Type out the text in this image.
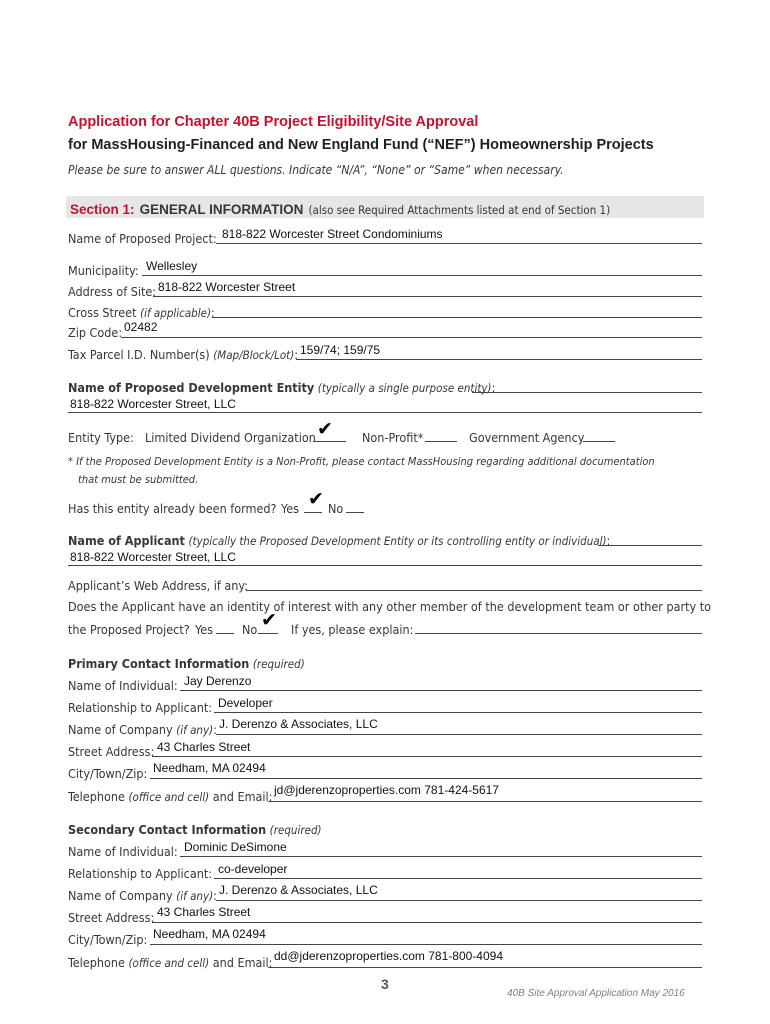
Application for Chapter 40B Project Eligibility/Site Approval
for MassHousing-Financed and New England Fund (“NEF”) Homeownership Projects
Please be sure to answer ALL questions. Indicate “N/A”, “None” or “Same” when necessary.
Section 1: GENERAL INFORMATION (also see Required Attachments listed at end of Section 1)
Name of Proposed Project: 818-822 Worcester Street Condominiums
Municipality: Wellesley
Address of Site: 818-822 Worcester Street
Cross Street (if applicable):
Zip Code: 02482
Tax Parcel I.D. Number(s) (Map/Block/Lot): 159/74; 159/75
Name of Proposed Development Entity (typically a single purpose entity):
818-822 Worcester Street, LLC
Entity Type: Limited Dividend Organization ✔ Non-Profit*	Government Agency
* If the Proposed Development Entity is a Non-Profit, please contact MassHousing regarding additional documentation
that must be submitted.
Has this entity already been formed? Yes ✔ No
Name of Applicant (typically the Proposed Development Entity or its controlling entity or individual):
818-822 Worcester Street, LLC
Applicant’s Web Address, if any:
Does the Applicant have an identity of interest with any other member of the development team or other party to
the Proposed Project? Yes No ✔ If yes, please explain:
Primary Contact Information (required)
Name of Individual: Jay Derenzo
Relationship to Applicant: Developer
Name of Company (if any): J. Derenzo & Associates, LLC
Street Address: 43 Charles Street
City/Town/Zip: Needham, MA 02494
Telephone (office and cell) and Email: jd@jderenzoproperties.com 781-424-5617
Secondary Contact Information (required)
Name of Individual: Dominic DeSimone
Relationship to Applicant: co-developer
Name of Company (if any): J. Derenzo & Associates, LLC
Street Address: 43 Charles Street
City/Town/Zip: Needham, MA 02494
Telephone (office and cell) and Email: dd@jderenzoproperties.com 781-800-4094
3
40B Site Approval Application May 2016
